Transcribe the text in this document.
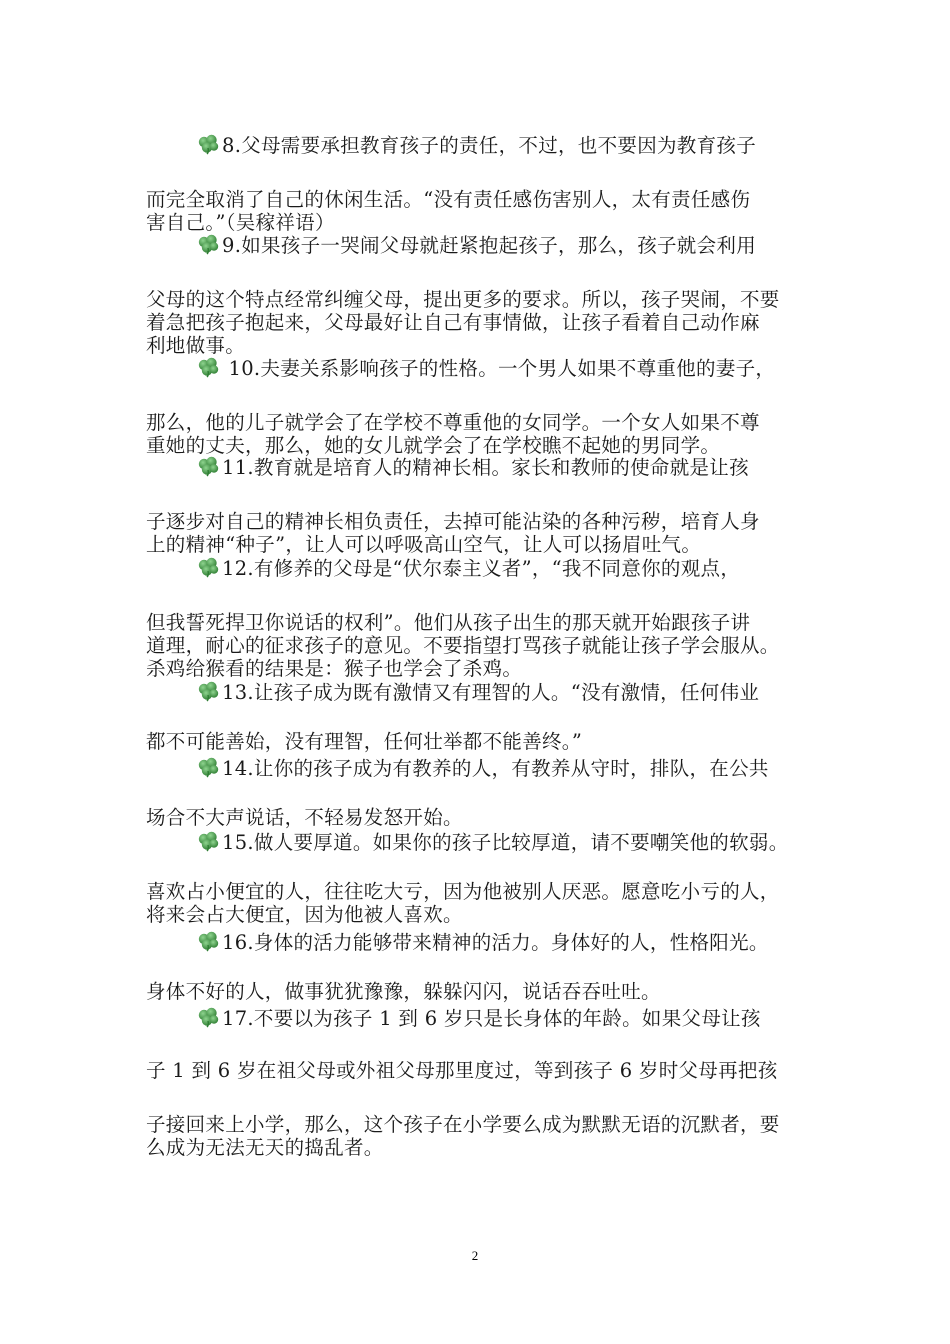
8.父母需要承担教育孩子的责任，不过，也不要因为教育孩子
而完全取消了自己的休闲生活。“没有责任感伤害别人，太有责任感伤
害自己。”（吴稼祥语）
9.如果孩子一哭闹父母就赶紧抱起孩子，那么，孩子就会利用
父母的这个特点经常纠缠父母，提出更多的要求。所以，孩子哭闹，不要
着急把孩子抱起来，父母最好让自己有事情做，让孩子看着自己动作麻
利地做事。
10.夫妻关系影响孩子的性格。一个男人如果不尊重他的妻子，
那么，他的儿子就学会了在学校不尊重他的女同学。一个女人如果不尊
重她的丈夫，那么，她的女儿就学会了在学校瞧不起她的男同学。
11.教育就是培育人的精神长相。家长和教师的使命就是让孩
子逐步对自己的精神长相负责任，去掉可能沾染的各种污秽，培育人身
上的精神“种子”，让人可以呼吸高山空气，让人可以扬眉吐气。
12.有修养的父母是“伏尔泰主义者”，“我不同意你的观点，
但我誓死捍卫你说话的权利”。他们从孩子出生的那天就开始跟孩子讲
道理，耐心的征求孩子的意见。不要指望打骂孩子就能让孩子学会服从。
杀鸡给猴看的结果是：猴子也学会了杀鸡。
13.让孩子成为既有激情又有理智的人。“没有激情，任何伟业
都不可能善始，没有理智，任何壮举都不能善终。”
14.让你的孩子成为有教养的人，有教养从守时，排队，在公共
场合不大声说话，不轻易发怒开始。
15.做人要厚道。如果你的孩子比较厚道，请不要嘲笑他的软弱。
喜欢占小便宜的人，往往吃大亏，因为他被别人厌恶。愿意吃小亏的人，
将来会占大便宜，因为他被人喜欢。
16.身体的活力能够带来精神的活力。身体好的人，性格阳光。
身体不好的人，做事犹犹豫豫，躲躲闪闪，说话吞吞吐吐。
17.不要以为孩子 1 到 6 岁只是长身体的年龄。如果父母让孩
子 1 到 6 岁在祖父母或外祖父母那里度过，等到孩子 6 岁时父母再把孩
子接回来上小学，那么，这个孩子在小学要么成为默默无语的沉默者，要
么成为无法无天的捣乱者。
2
